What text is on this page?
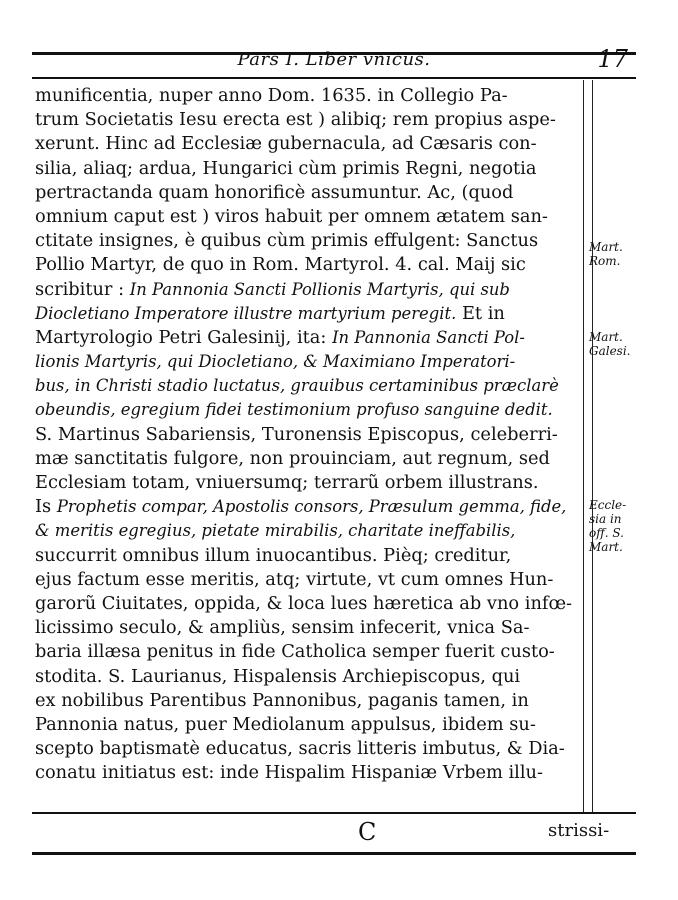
Pars I. Liber vnicus.	17
munificentia, nuper anno Dom. 1635. in Collegio Pa-
trum Societatis Iesu erecta est ) alibiq; rem propius aspe-
xerunt. Hinc ad Ecclesiæ gubernacula, ad Cæsaris con-
silia, aliaq; ardua, Hungarici cùm primis Regni, negotia
pertractanda quam honorificè assumuntur. Ac, (quod
omnium caput est ) viros habuit per omnem ætatem san-
ctitate insignes, è quibus cùm primis effulgent: Sanctus
Pollio Martyr, de quo in Rom. Martyrol. 4. cal. Maij sic
scribitur : In Pannonia Sancti Pollionis Martyris, qui sub
Diocletiano Imperatore illustre martyrium peregit. Et in
Martyrologio Petri Galesinij, ita: In Pannonia Sancti Pol-
lionis Martyris, qui Diocletiano, & Maximiano Imperatori-
bus, in Christi stadio luctatus, grauibus certaminibus præclarè
obeundis, egregium fidei testimonium profuso sanguine dedit.
S. Martinus Sabariensis, Turonensis Episcopus, celeberri-
mæ sanctitatis fulgore, non prouinciam, aut regnum, sed
Ecclesiam totam, vniuersumq; terrarũ orbem illustrans.
Is Prophetis compar, Apostolis consors, Præsulum gemma, fide,
& meritis egregius, pietate mirabilis, charitate ineffabilis,
succurrit omnibus illum inuocantibus. Pièq; creditur,
ejus factum esse meritis, atq; virtute, vt cum omnes Hun-
garorũ Ciuitates, oppida, & loca lues hæretica ab vno infœ-
licissimo seculo, & ampliùs, sensim infecerit, vnica Sa-
baria illæsa penitus in fide Catholica semper fuerit custo-
stodita. S. Laurianus, Hispalensis Archiepiscopus, qui
ex nobilibus Parentibus Pannonibus, paganis tamen, in
Pannonia natus, puer Mediolanum appulsus, ibidem su-
sceptο baptismatè educatus, sacris litteris imbutus, & Dia-
conatu initiatus est: inde Hispalim Hispaniæ Vrbem illu-
Mart.
Rom.
Mart.
Galesi.
Eccle-
sia in
off. S.
Mart.
C	strissi-
